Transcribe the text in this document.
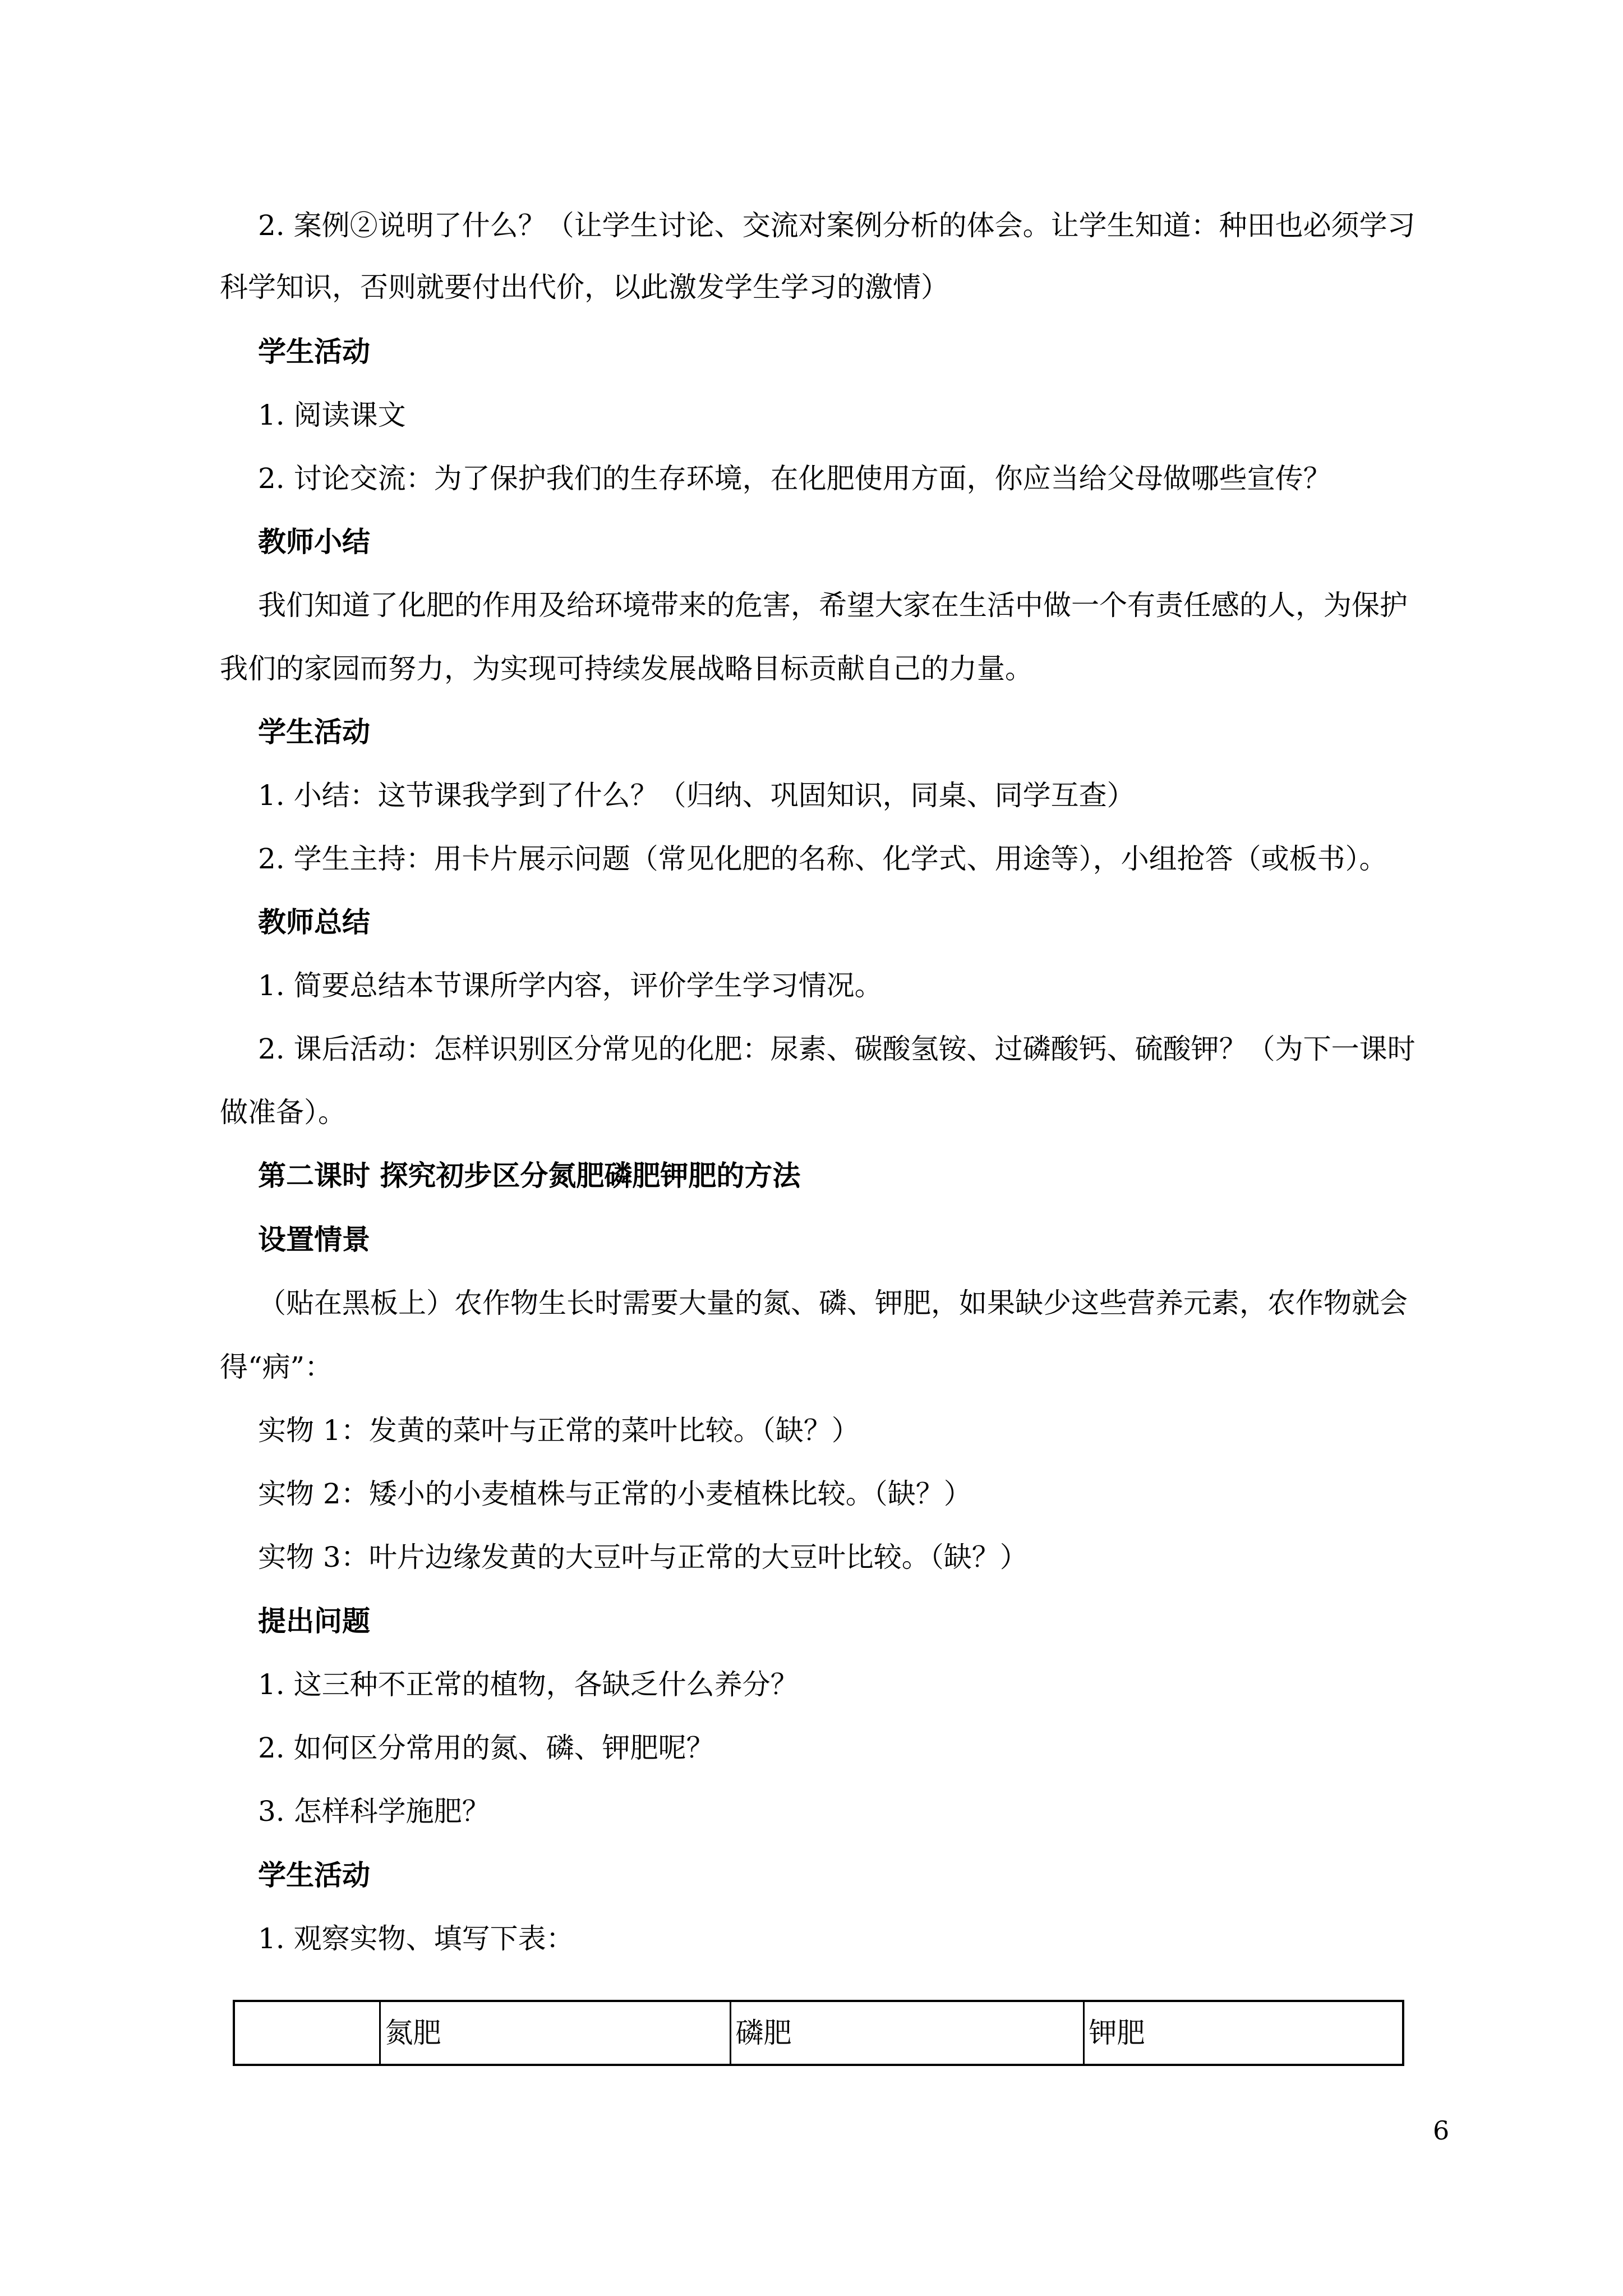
2. 案例②说明了什么？（让学生讨论、交流对案例分析的体会。让学生知道：种田也必须学习

科学知识，否则就要付出代价，以此激发学生学习的激情）

学生活动

1. 阅读课文

2. 讨论交流：为了保护我们的生存环境，在化肥使用方面，你应当给父母做哪些宣传？

教师小结

我们知道了化肥的作用及给环境带来的危害，希望大家在生活中做一个有责任感的人，为保护

我们的家园而努力，为实现可持续发展战略目标贡献自己的力量。

学生活动

1. 小结：这节课我学到了什么？（归纳、巩固知识，同桌、同学互查）

2. 学生主持：用卡片展示问题（常见化肥的名称、化学式、用途等），小组抢答（或板书）。

教师总结

1. 简要总结本节课所学内容，评价学生学习情况。

2. 课后活动：怎样识别区分常见的化肥：尿素、碳酸氢铵、过磷酸钙、硫酸钾？（为下一课时

做准备）。

第二课时 探究初步区分氮肥磷肥钾肥的方法

设置情景

（贴在黑板上）农作物生长时需要大量的氮、磷、钾肥，如果缺少这些营养元素，农作物就会

得“病”：

实物 1：发黄的菜叶与正常的菜叶比较。（缺？）

实物 2：矮小的小麦植株与正常的小麦植株比较。（缺？）

实物 3：叶片边缘发黄的大豆叶与正常的大豆叶比较。（缺？）

提出问题

1. 这三种不正常的植物，各缺乏什么养分？

2. 如何区分常用的氮、磷、钾肥呢？

3. 怎样科学施肥？

学生活动

1. 观察实物、填写下表：

	氮肥	磷肥	钾肥
6
